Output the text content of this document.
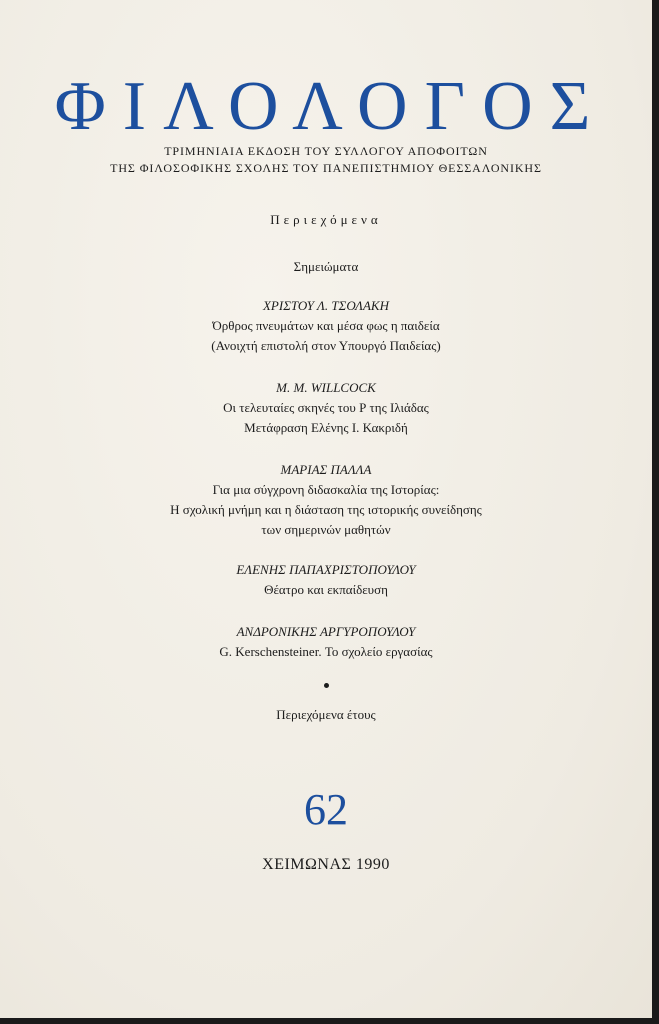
ΦΙΛΟΛΟΓΟΣ
ΤΡΙΜΗΝΙΑΙΑ ΕΚΔΟΣΗ ΤΟΥ ΣΥΛΛΟΓΟΥ ΑΠΟΦΟΙΤΩΝ
ΤΗΣ ΦΙΛΟΣΟΦΙΚΗΣ ΣΧΟΛΗΣ ΤΟΥ ΠΑΝΕΠΙΣΤΗΜΙΟΥ ΘΕΣΣΑΛΟΝΙΚΗΣ
Περιεχόμενα
Σημειώματα
ΧΡΙΣΤΟΥ Λ. ΤΣΟΛΑΚΗ
Όρθρος πνευμάτων και μέσα φως η παιδεία
(Ανοιχτή επιστολή στον Υπουργό Παιδείας)
M. M. WILLCOCK
Οι τελευταίες σκηνές του Ρ της Ιλιάδας
Μετάφραση Ελένης Ι. Κακριδή
ΜΑΡΙΑΣ ΠΑΛΛΑ
Για μια σύγχρονη διδασκαλία της Ιστορίας:
Η σχολική μνήμη και η διάσταση της ιστορικής συνείδησης
των σημερινών μαθητών
ΕΛΕΝΗΣ ΠΑΠΑΧΡΙΣΤΟΠΟΥΛΟΥ
Θέατρο και εκπαίδευση
ΑΝΔΡΟΝΙΚΗΣ ΑΡΓΥΡΟΠΟΥΛΟΥ
G. Kerschensteiner. Το σχολείο εργασίας
Περιεχόμενα έτους
62
ΧΕΙΜΩΝΑΣ 1990
